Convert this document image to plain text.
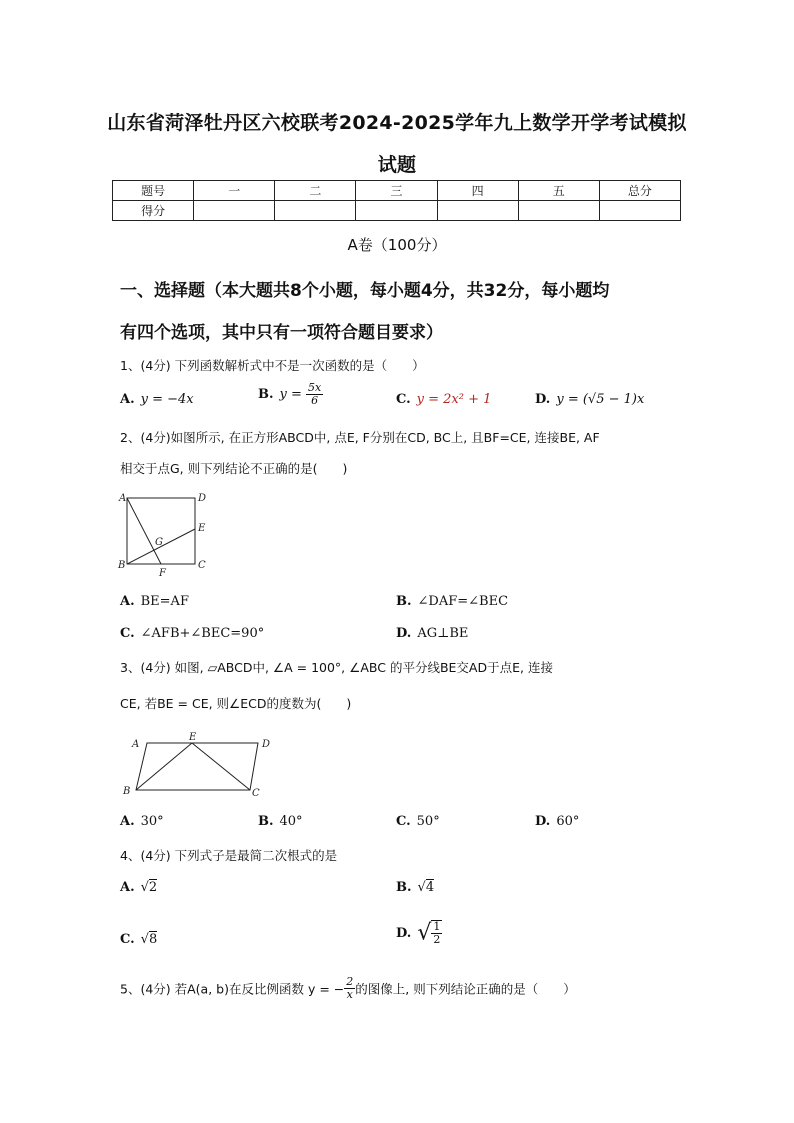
山东省菏泽牡丹区六校联考2024-2025学年九上数学开学考试模拟
试题
题号	一	二	三	四	五	总分
得分						
A卷（100分）
一、选择题（本大题共8个小题，每小题4分，共32分，每小题均
有四个选项，其中只有一项符合题目要求）
1、(4分) 下列函数解析式中不是一次函数的是（　　）
A. y = −4x	B. $y = \frac{5x}{6}$	C. y = 2x² + 1	D. y = (√5 − 1)x
2、(4分)如图所示, 在正方形ABCD中, 点E, F分别在CD, BC上, 且BF=CE, 连接BE, AF
相交于点G, 则下列结论不正确的是(　　)
A	D
E
B	C
F
G
A. BE=AF	B. ∠DAF=∠BEC
C. ∠AFB+∠BEC=90°	D. AG⊥BE
3、(4分) 如图, ▱ABCD中, ∠A = 100°, ∠ABC 的平分线BE交AD于点E, 连接
CE, 若BE = CE, 则∠ECD的度数为(　　)
A
E
D
B	C
A. 30°	B. 40°	C. 50°	D. 60°
4、(4分) 下列式子是最简二次根式的是
A. √2	B. √4
C. √8	D. √ $\frac{1}{2}$
5、(4分) 若A(a, b)在反比例函数 y = − $\frac{2}{x}$ 的图像上, 则下列结论正确的是（　　）
